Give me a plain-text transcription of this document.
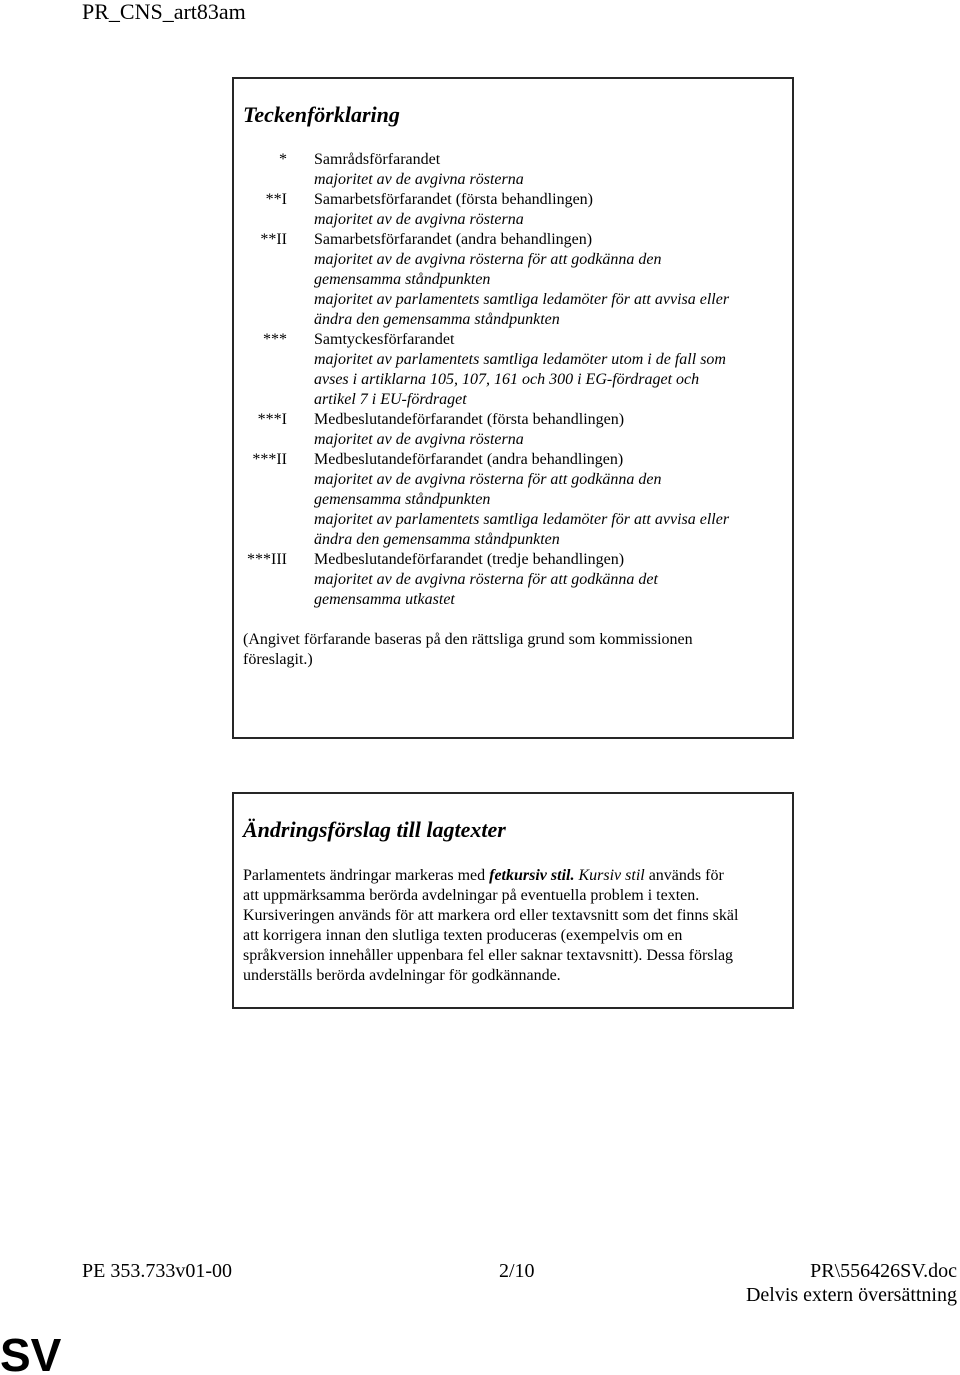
PR_CNS_art83am
Teckenförklaring
* Samrådsförfarandet
majoritet av de avgivna rösterna
**I Samarbetsförfarandet (första behandlingen)
majoritet av de avgivna rösterna
**II Samarbetsförfarandet (andra behandlingen)
majoritet av de avgivna rösterna för att godkänna den
gemensamma ståndpunkten
majoritet av parlamentets samtliga ledamöter för att avvisa eller
ändra den gemensamma ståndpunkten
*** Samtyckesförfarandet
majoritet av parlamentets samtliga ledamöter utom i de fall som
avses i artiklarna 105, 107, 161 och 300 i EG-fördraget och
artikel 7 i EU-fördraget
***I Medbeslutandeförfarandet (första behandlingen)
majoritet av de avgivna rösterna
***II Medbeslutandeförfarandet (andra behandlingen)
majoritet av de avgivna rösterna för att godkänna den
gemensamma ståndpunkten
majoritet av parlamentets samtliga ledamöter för att avvisa eller
ändra den gemensamma ståndpunkten
***III Medbeslutandeförfarandet (tredje behandlingen)
majoritet av de avgivna rösterna för att godkänna det
gemensamma utkastet
(Angivet förfarande baseras på den rättsliga grund som kommissionen
föreslagit.)
Ändringsförslag till lagtexter
Parlamentets ändringar markeras med fetkursiv stil. Kursiv stil används för
att uppmärksamma berörda avdelningar på eventuella problem i texten.
Kursiveringen används för att markera ord eller textavsnitt som det finns skäl
att korrigera innan den slutliga texten produceras (exempelvis om en
språkversion innehåller uppenbara fel eller saknar textavsnitt). Dessa förslag
underställs berörda avdelningar för godkännande.
PE 353.733v01-00	2/10	PR\556426SV.doc
Delvis extern översättning
SV
